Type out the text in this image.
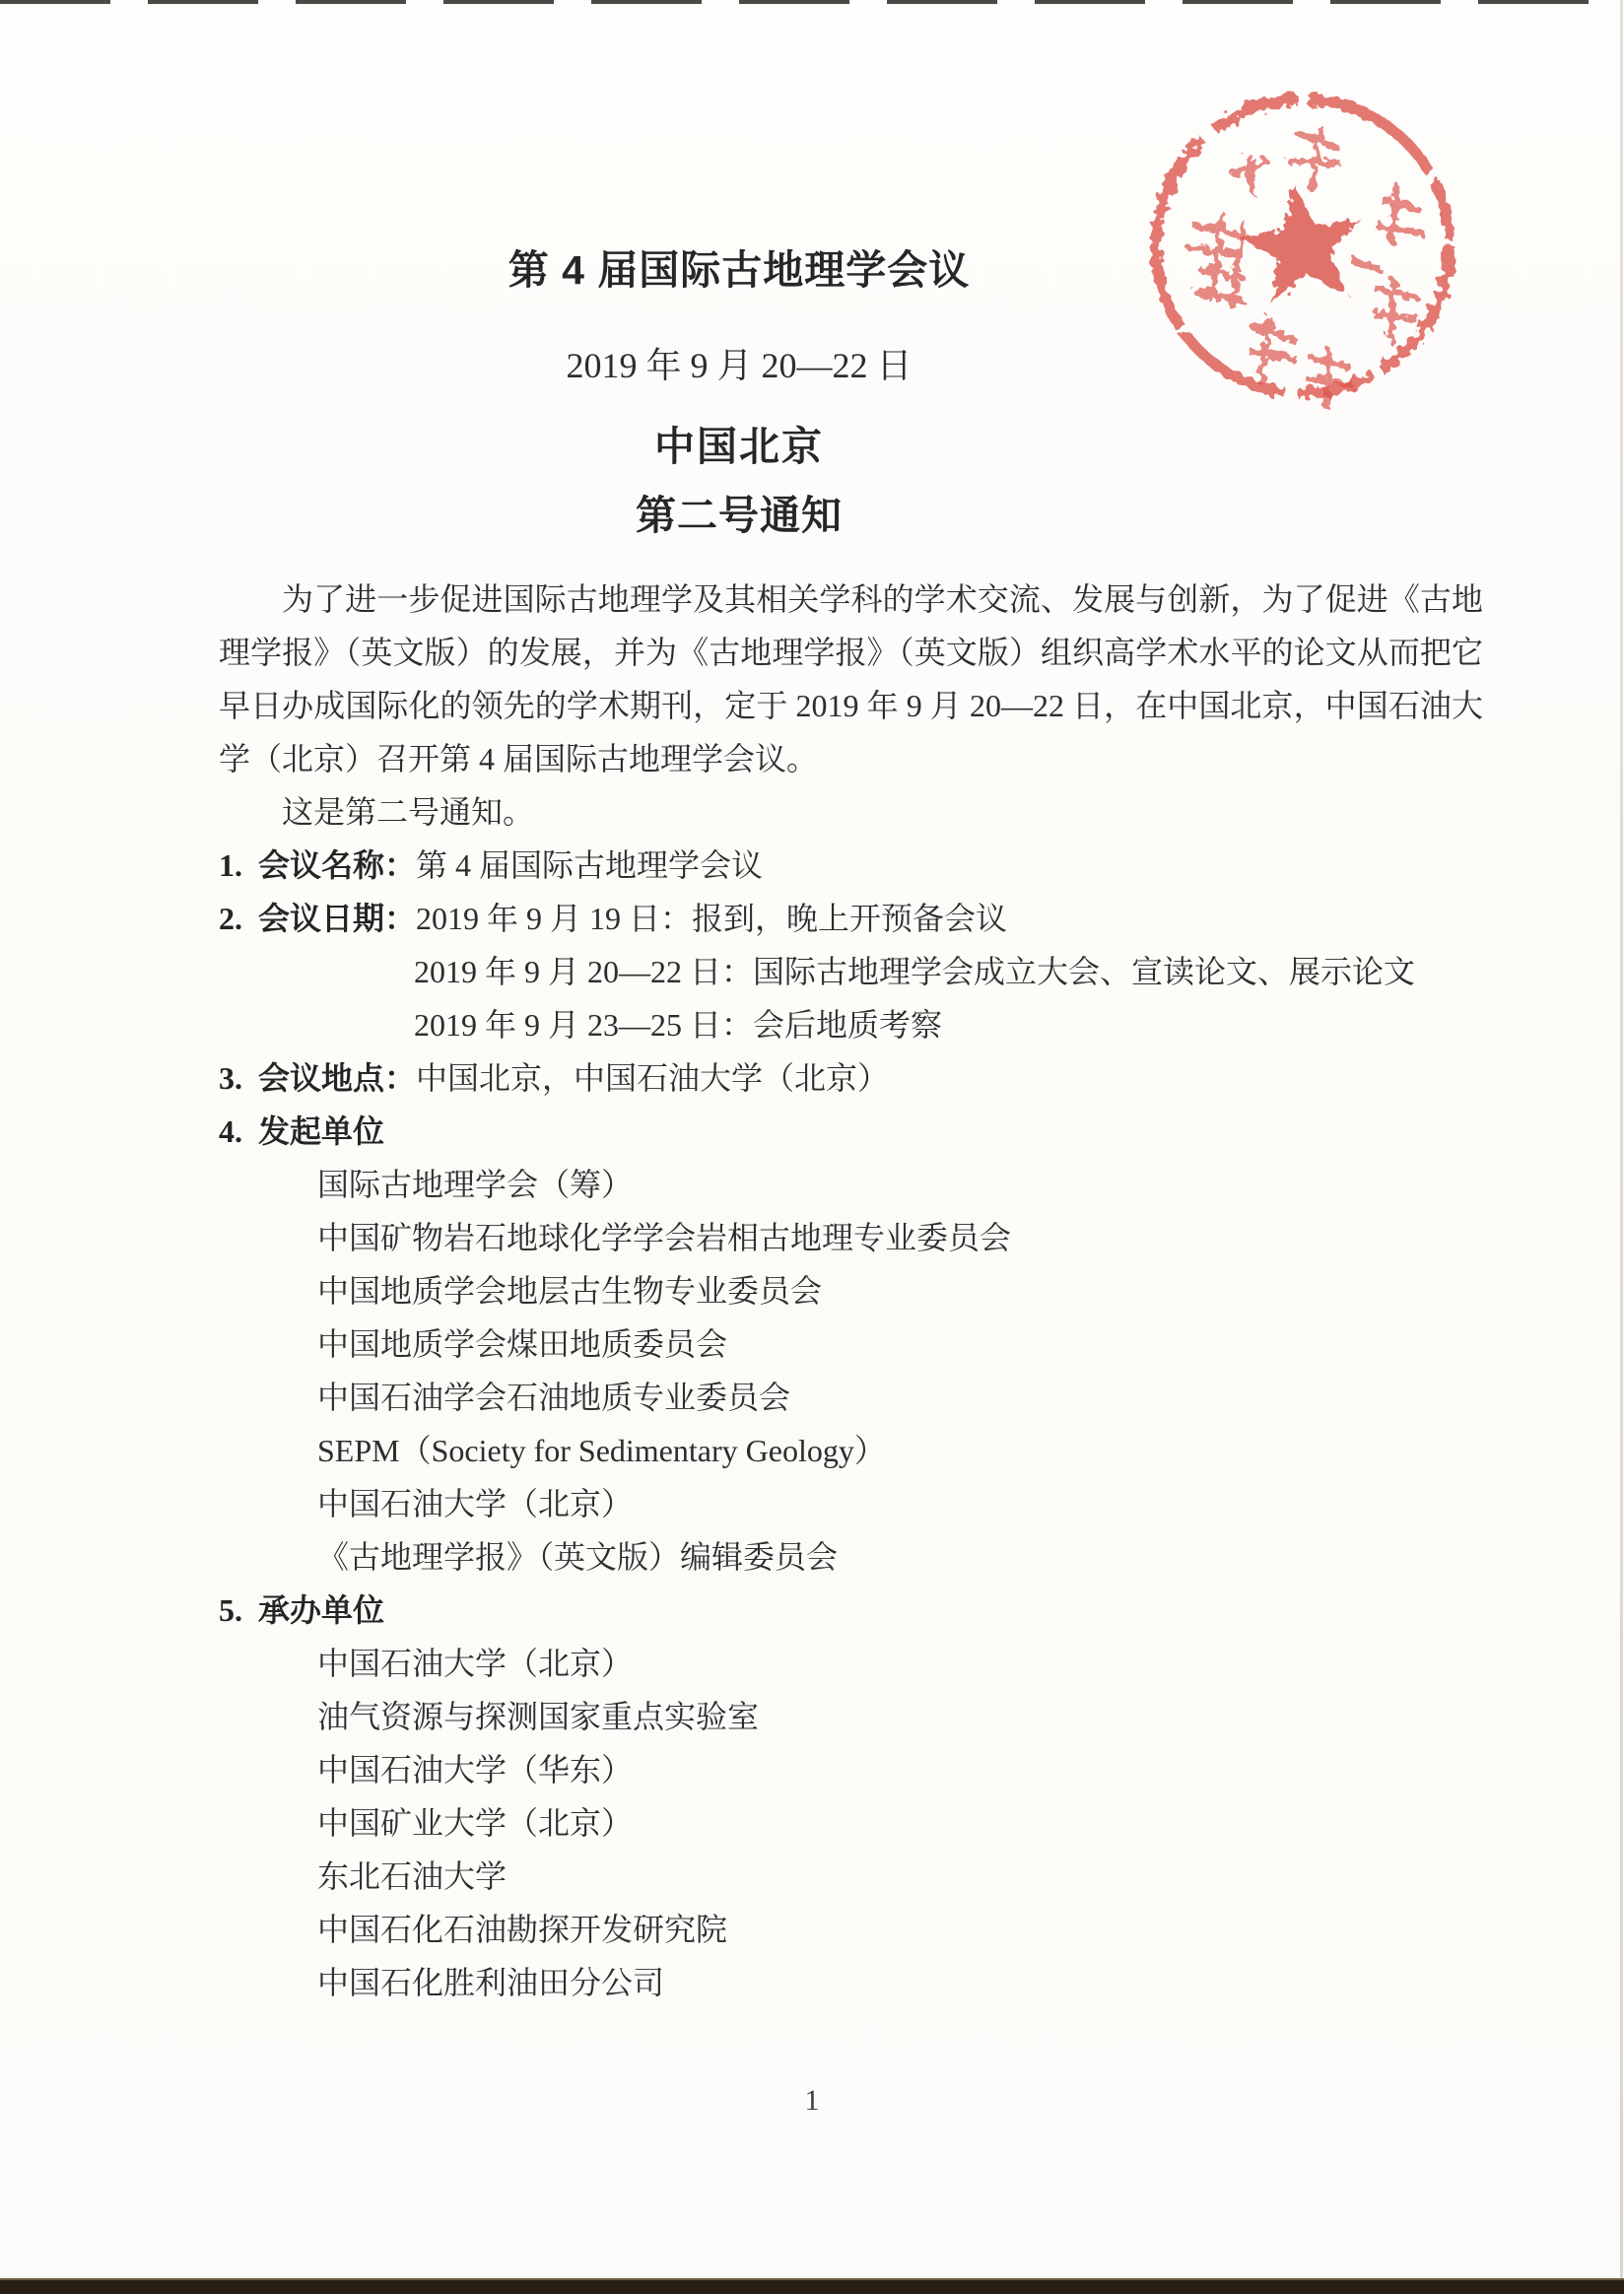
第 4 届国际古地理学会议
2019 年 9 月 20—22 日
中国北京
第二号通知

为了进一步促进国际古地理学及其相关学科的学术交流、发展与创新，为了促进《古地理学报》（英文版）的发展，并为《古地理学报》（英文版）组织高学术水平的论文从而把它早日办成国际化的领先的学术期刊，定于 2019 年 9 月 20—22 日，在中国北京，中国石油大学（北京）召开第 4 届国际古地理学会议。

这是第二号通知。

1. 会议名称：第 4 届国际古地理学会议
2. 会议日期：2019 年 9 月 19 日：报到，晚上开预备会议
2019 年 9 月 20—22 日：国际古地理学会成立大会、宣读论文、展示论文
2019 年 9 月 23—25 日：会后地质考察
3. 会议地点：中国北京，中国石油大学（北京）
4. 发起单位
国际古地理学会（筹）
中国矿物岩石地球化学学会岩相古地理专业委员会
中国地质学会地层古生物专业委员会
中国地质学会煤田地质委员会
中国石油学会石油地质专业委员会
SEPM（Society for Sedimentary Geology）
中国石油大学（北京）
《古地理学报》（英文版）编辑委员会
5. 承办单位
中国石油大学（北京）
油气资源与探测国家重点实验室
中国石油大学（华东）
中国矿业大学（北京）
东北石油大学
中国石化石油勘探开发研究院
中国石化胜利油田分公司
1
